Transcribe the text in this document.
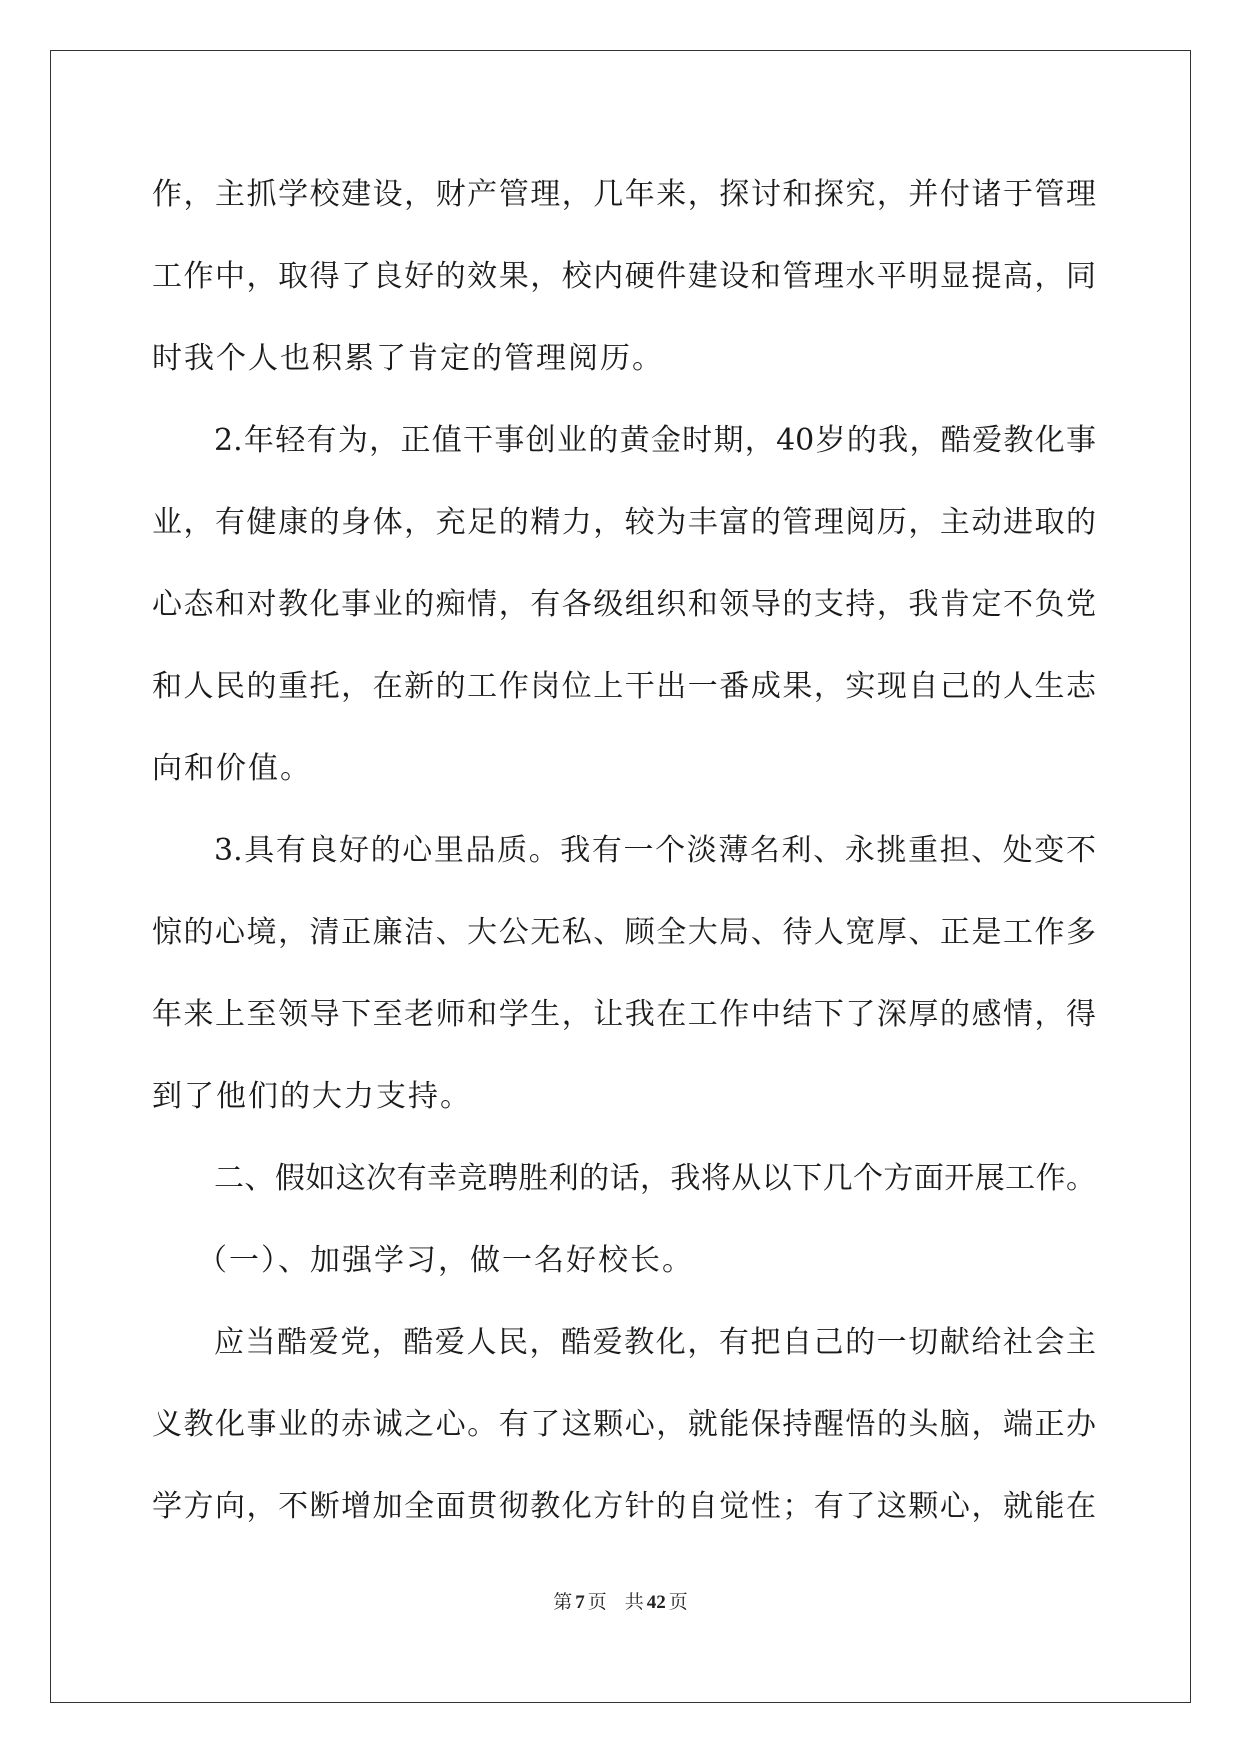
作，主抓学校建设，财产管理，几年来，探讨和探究，并付诸于管理
工作中，取得了良好的效果，校内硬件建设和管理水平明显提高，同
时我个人也积累了肯定的管理阅历。
2.年轻有为，正值干事创业的黄金时期，40岁的我，酷爱教化事
业，有健康的身体，充足的精力，较为丰富的管理阅历，主动进取的
心态和对教化事业的痴情，有各级组织和领导的支持，我肯定不负党
和人民的重托，在新的工作岗位上干出一番成果，实现自己的人生志
向和价值。
3.具有良好的心里品质。我有一个淡薄名利、永挑重担、处变不
惊的心境，清正廉洁、大公无私、顾全大局、待人宽厚、正是工作多
年来上至领导下至老师和学生，让我在工作中结下了深厚的感情，得
到了他们的大力支持。
二、假如这次有幸竞聘胜利的话，我将从以下几个方面开展工作。
（一）、加强学习，做一名好校长。
应当酷爱党，酷爱人民，酷爱教化，有把自己的一切献给社会主
义教化事业的赤诚之心。有了这颗心，就能保持醒悟的头脑，端正办
学方向，不断增加全面贯彻教化方针的自觉性；有了这颗心，就能在
第 7 页 共 42 页
